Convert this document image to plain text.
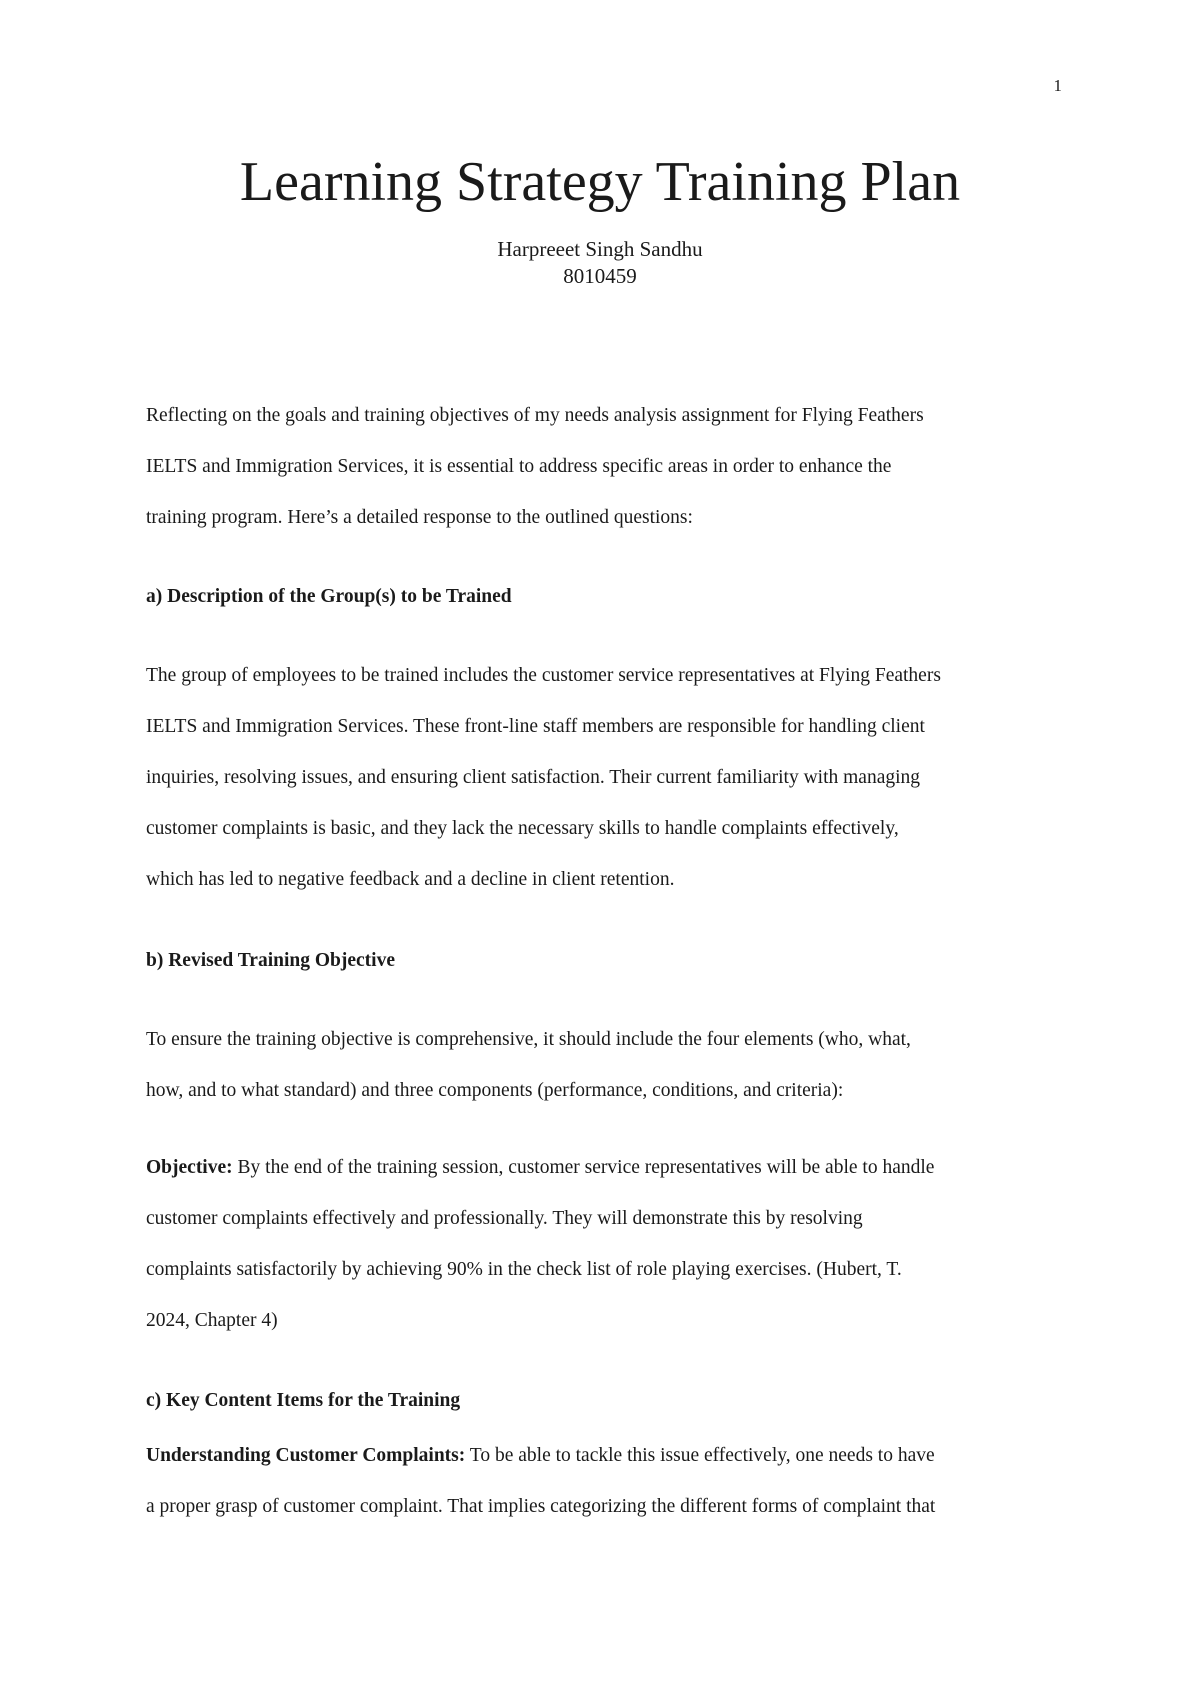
1
Learning Strategy Training Plan
Harpreeet Singh Sandhu
8010459

Reflecting on the goals and training objectives of my needs analysis assignment for Flying Feathers
IELTS and Immigration Services, it is essential to address specific areas in order to enhance the
training program. Here’s a detailed response to the outlined questions:

a) Description of the Group(s) to be Trained

The group of employees to be trained includes the customer service representatives at Flying Feathers
IELTS and Immigration Services. These front-line staff members are responsible for handling client
inquiries, resolving issues, and ensuring client satisfaction. Their current familiarity with managing
customer complaints is basic, and they lack the necessary skills to handle complaints effectively,
which has led to negative feedback and a decline in client retention.

b) Revised Training Objective

To ensure the training objective is comprehensive, it should include the four elements (who, what,
how, and to what standard) and three components (performance, conditions, and criteria):

Objective: By the end of the training session, customer service representatives will be able to handle
customer complaints effectively and professionally. They will demonstrate this by resolving
complaints satisfactorily by achieving 90% in the check list of role playing exercises. (Hubert, T.
2024, Chapter 4)

c) Key Content Items for the Training

Understanding Customer Complaints: To be able to tackle this issue effectively, one needs to have
a proper grasp of customer complaint. That implies categorizing the different forms of complaint that
